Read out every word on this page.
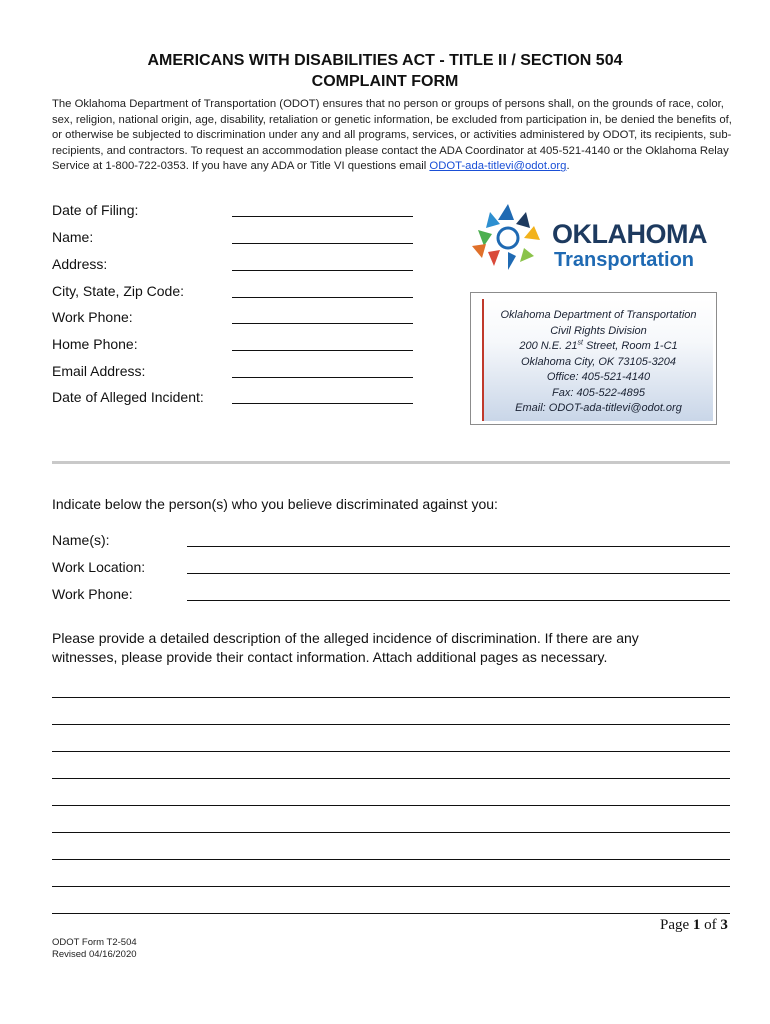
AMERICANS WITH DISABILITIES ACT - TITLE II / SECTION 504
COMPLAINT FORM
The Oklahoma Department of Transportation (ODOT) ensures that no person or groups of persons shall, on the grounds of race, color, sex, religion, national origin, age, disability, retaliation or genetic information, be excluded from participation in, be denied the benefits of, or otherwise be subjected to discrimination under any and all programs, services, or activities administered by ODOT, its recipients, sub-recipients, and contractors. To request an accommodation please contact the ADA Coordinator at 405-521-4140 or the Oklahoma Relay Service at 1-800-722-0353. If you have any ADA or Title VI questions email ODOT-ada-titlevi@odot.org.
Date of Filing:
Name:
Address:
City, State, Zip Code:
Work Phone:
Home Phone:
Email Address:
Date of Alleged Incident:
OKLAHOMA
Transportation
Oklahoma Department of Transportation
Civil Rights Division
200 N.E. 21st Street, Room 1-C1
Oklahoma City, OK 73105-3204
Office: 405-521-4140
Fax: 405-522-4895
Email: ODOT-ada-titlevi@odot.org
Indicate below the person(s) who you believe discriminated against you:
Name(s):
Work Location:
Work Phone:
Please provide a detailed description of the alleged incidence of discrimination. If there are any
witnesses, please provide their contact information. Attach additional pages as necessary.
Page 1 of 3
ODOT Form T2-504
Revised 04/16/2020
